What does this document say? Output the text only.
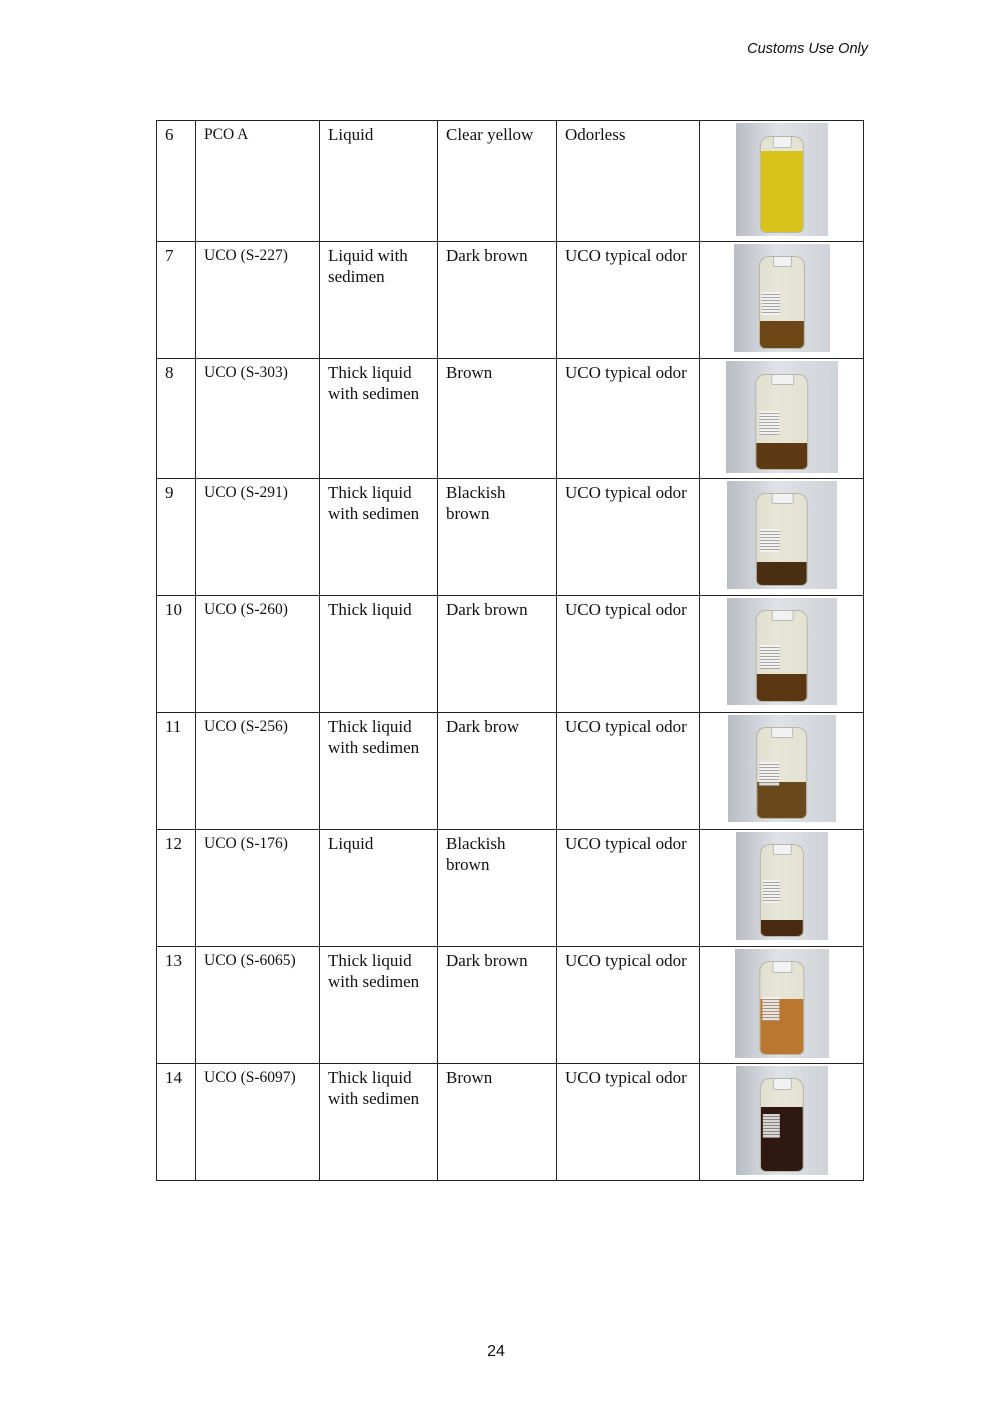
Customs Use Only
6	PCO A	Liquid	Clear yellow	Odorless	

7	UCO (S-227)	Liquid with sedimen	Dark brown	UCO typical odor	

8	UCO (S-303)	Thick liquid with sedimen	Brown	UCO typical odor	

9	UCO (S-291)	Thick liquid with sedimen	Blackish brown	UCO typical odor	

10	UCO (S-260)	Thick liquid	Dark brown	UCO typical odor	

11	UCO (S-256)	Thick liquid with sedimen	Dark brow	UCO typical odor	

12	UCO (S-176)	Liquid	Blackish brown	UCO typical odor	

13	UCO (S-6065)	Thick liquid with sedimen	Dark brown	UCO typical odor	

14	UCO (S-6097)	Thick liquid with sedimen	Brown	UCO typical odor	
24
